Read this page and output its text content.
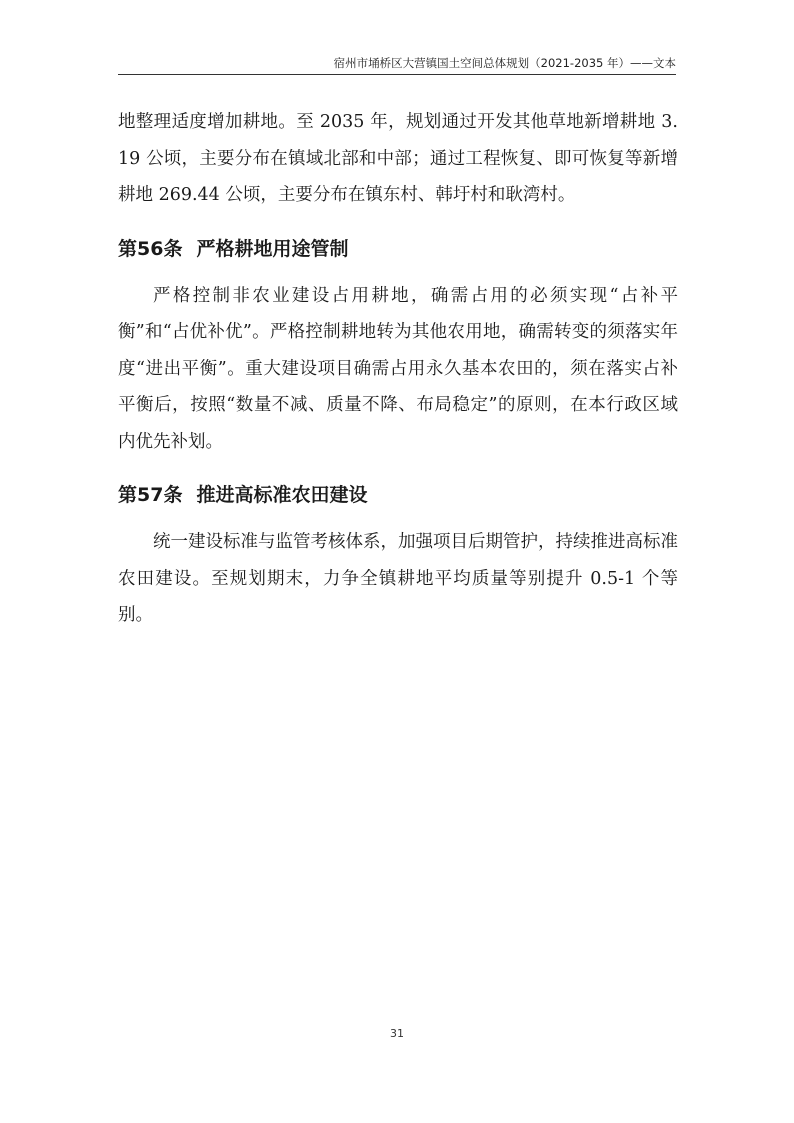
宿州市埇桥区大营镇国土空间总体规划（2021-2035 年）——文本

地整理适度增加耕地。至 2035 年，规划通过开发其他草地新增耕地 3.19 公顷，主要分布在镇域北部和中部；通过工程恢复、即可恢复等新增耕地 269.44 公顷，主要分布在镇东村、韩圩村和耿湾村。

第56条 严格耕地用途管制

严格控制非农业建设占用耕地，确需占用的必须实现“占补平衡”和“占优补优”。严格控制耕地转为其他农用地，确需转变的须落实年度“进出平衡”。重大建设项目确需占用永久基本农田的，须在落实占补平衡后，按照“数量不减、质量不降、布局稳定”的原则，在本行政区域内优先补划。

第57条 推进高标准农田建设

统一建设标准与监管考核体系，加强项目后期管护，持续推进高标准农田建设。至规划期末，力争全镇耕地平均质量等别提升 0.5-1 个等别。

31
